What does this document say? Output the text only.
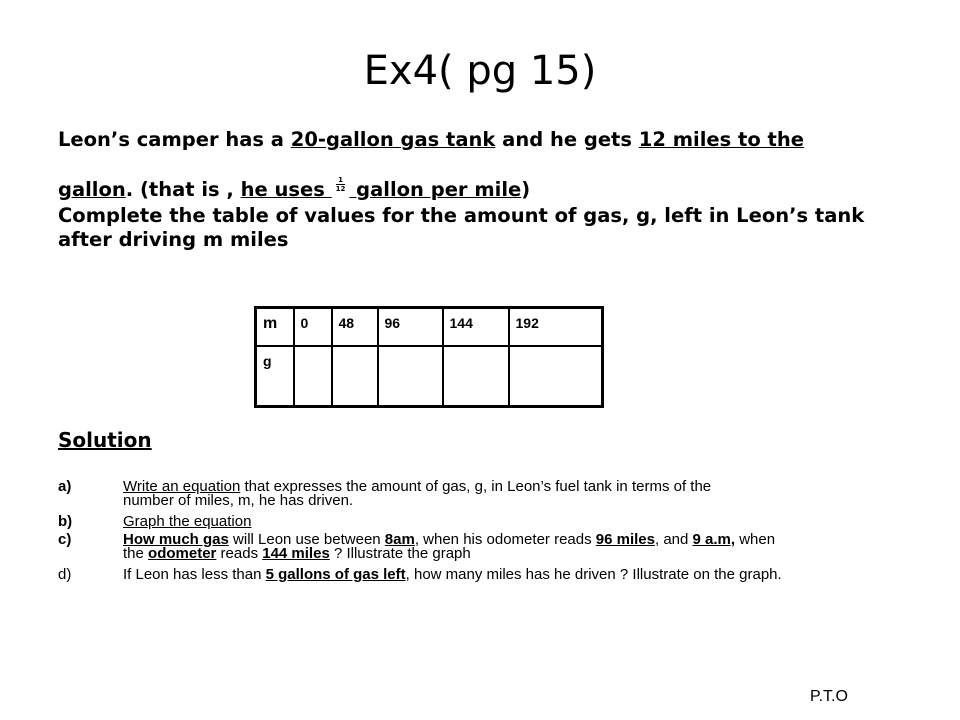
Ex4( pg 15)
Leon’s camper has a 20-gallon gas tank and he gets 12 miles to the
gallon. (that is , he uses $\frac{1}{12}$ gallon per mile)
Complete the table of values for the amount of gas, g, left in Leon’s tank
after driving m miles
m	0	48	96	144	192
g					
Solution
a)	Write an equation that expresses the amount of gas, g, in Leon’s fuel tank in terms of the
number of miles, m, he has driven.
b)	Graph the equation
c)	How much gas will Leon use between 8am, when his odometer reads 96 miles, and 9 a.m, when
the odometer reads 144 miles ? Illustrate the graph
d)	If Leon has less than 5 gallons of gas left, how many miles has he driven ? Illustrate on the graph.
P.T.O
